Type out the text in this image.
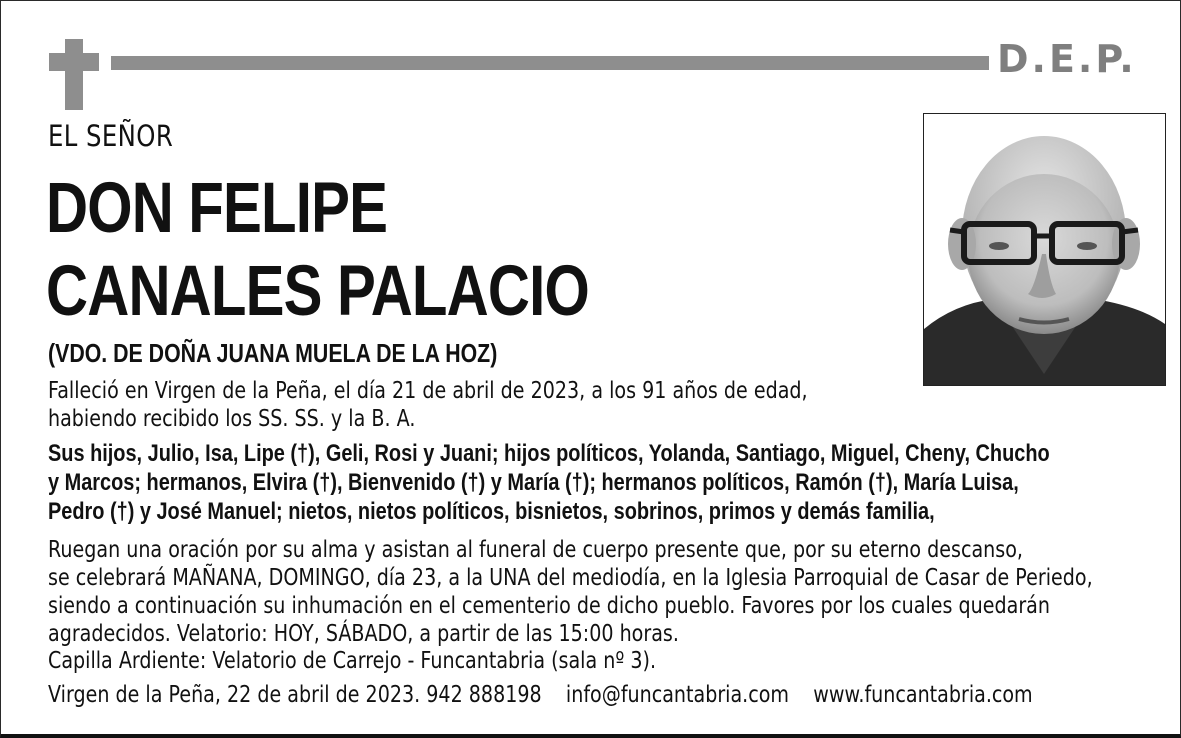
D.E.P.
EL SEÑOR
DON FELIPE
CANALES PALACIO
(VDO. DE DOÑA JUANA MUELA DE LA HOZ)
Falleció en Virgen de la Peña, el día 21 de abril de 2023, a los 91 años de edad,
habiendo recibido los SS. SS. y la B. A.
Sus hijos, Julio, Isa, Lipe (†), Geli, Rosi y Juani; hijos políticos, Yolanda, Santiago, Miguel, Cheny, Chucho
y Marcos; hermanos, Elvira (†), Bienvenido (†) y María (†); hermanos políticos, Ramón (†), María Luisa,
Pedro (†) y José Manuel; nietos, nietos políticos, bisnietos, sobrinos, primos y demás familia,
Ruegan una oración por su alma y asistan al funeral de cuerpo presente que, por su eterno descanso,
se celebrará MAÑANA, DOMINGO, día 23, a la UNA del mediodía, en la Iglesia Parroquial de Casar de Periedo,
siendo a continuación su inhumación en el cementerio de dicho pueblo. Favores por los cuales quedarán
agradecidos. Velatorio: HOY, SÁBADO, a partir de las 15:00 horas.
Capilla Ardiente: Velatorio de Carrejo - Funcantabria (sala nº 3).
Virgen de la Peña, 22 de abril de 2023. 942 888198    info@funcantabria.com    www.funcantabria.com
